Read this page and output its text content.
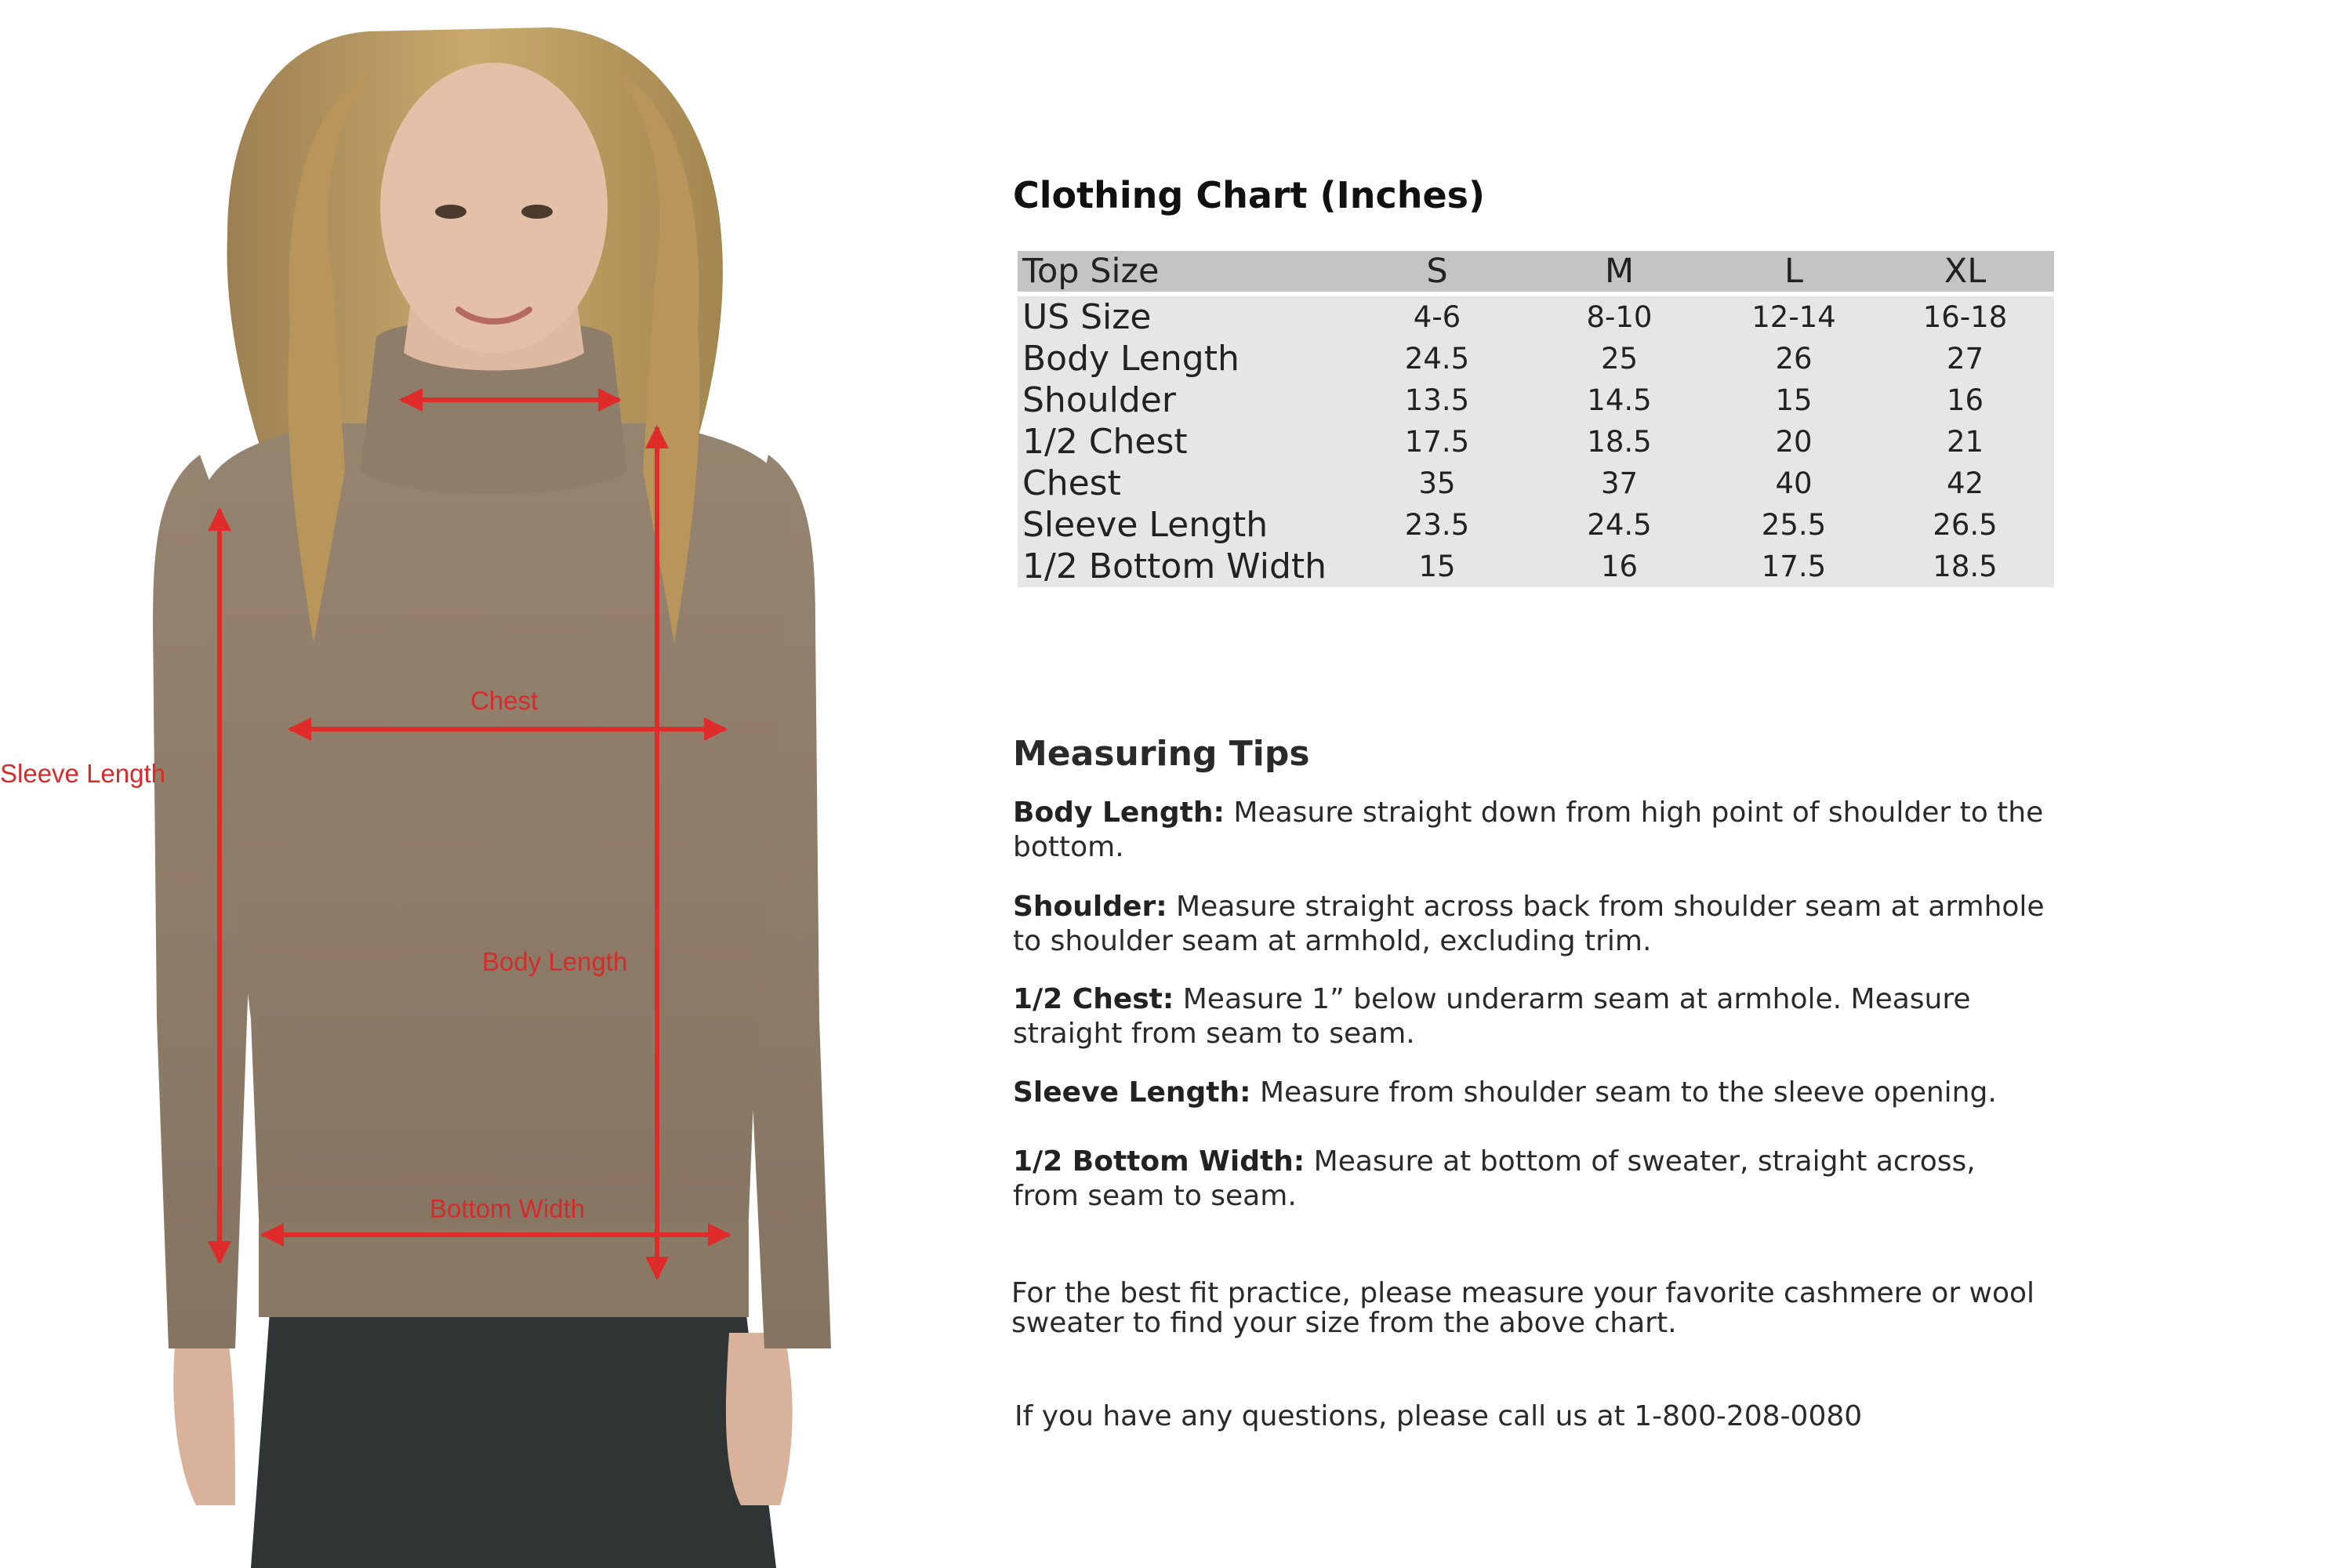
Chest
Sleeve Length
Body Length
Bottom Width
Clothing Chart (Inches)
Top Size	S	M	L	XL

US Size	4-6	8-10	12-14	16-18
Body Length	24.5	25	26	27
Shoulder	13.5	14.5	15	16
1/2 Chest	17.5	18.5	20	21
Chest	35	37	40	42
Sleeve Length	23.5	24.5	25.5	26.5
1/2 Bottom Width	15	16	17.5	18.5
Measuring Tips
Body Length: Measure straight down from high point of shoulder to the bottom.
Shoulder: Measure straight across back from shoulder seam at armhole to shoulder seam at armhold, excluding trim.
1/2 Chest: Measure 1” below underarm seam at armhole. Measure straight from seam to seam.
Sleeve Length: Measure from shoulder seam to the sleeve opening.
1/2 Bottom Width: Measure at bottom of sweater, straight across, from seam to seam.
For the best fit practice, please measure your favorite cashmere or wool sweater to find your size from the above chart.
If you have any questions, please call us at 1-800-208-0080
